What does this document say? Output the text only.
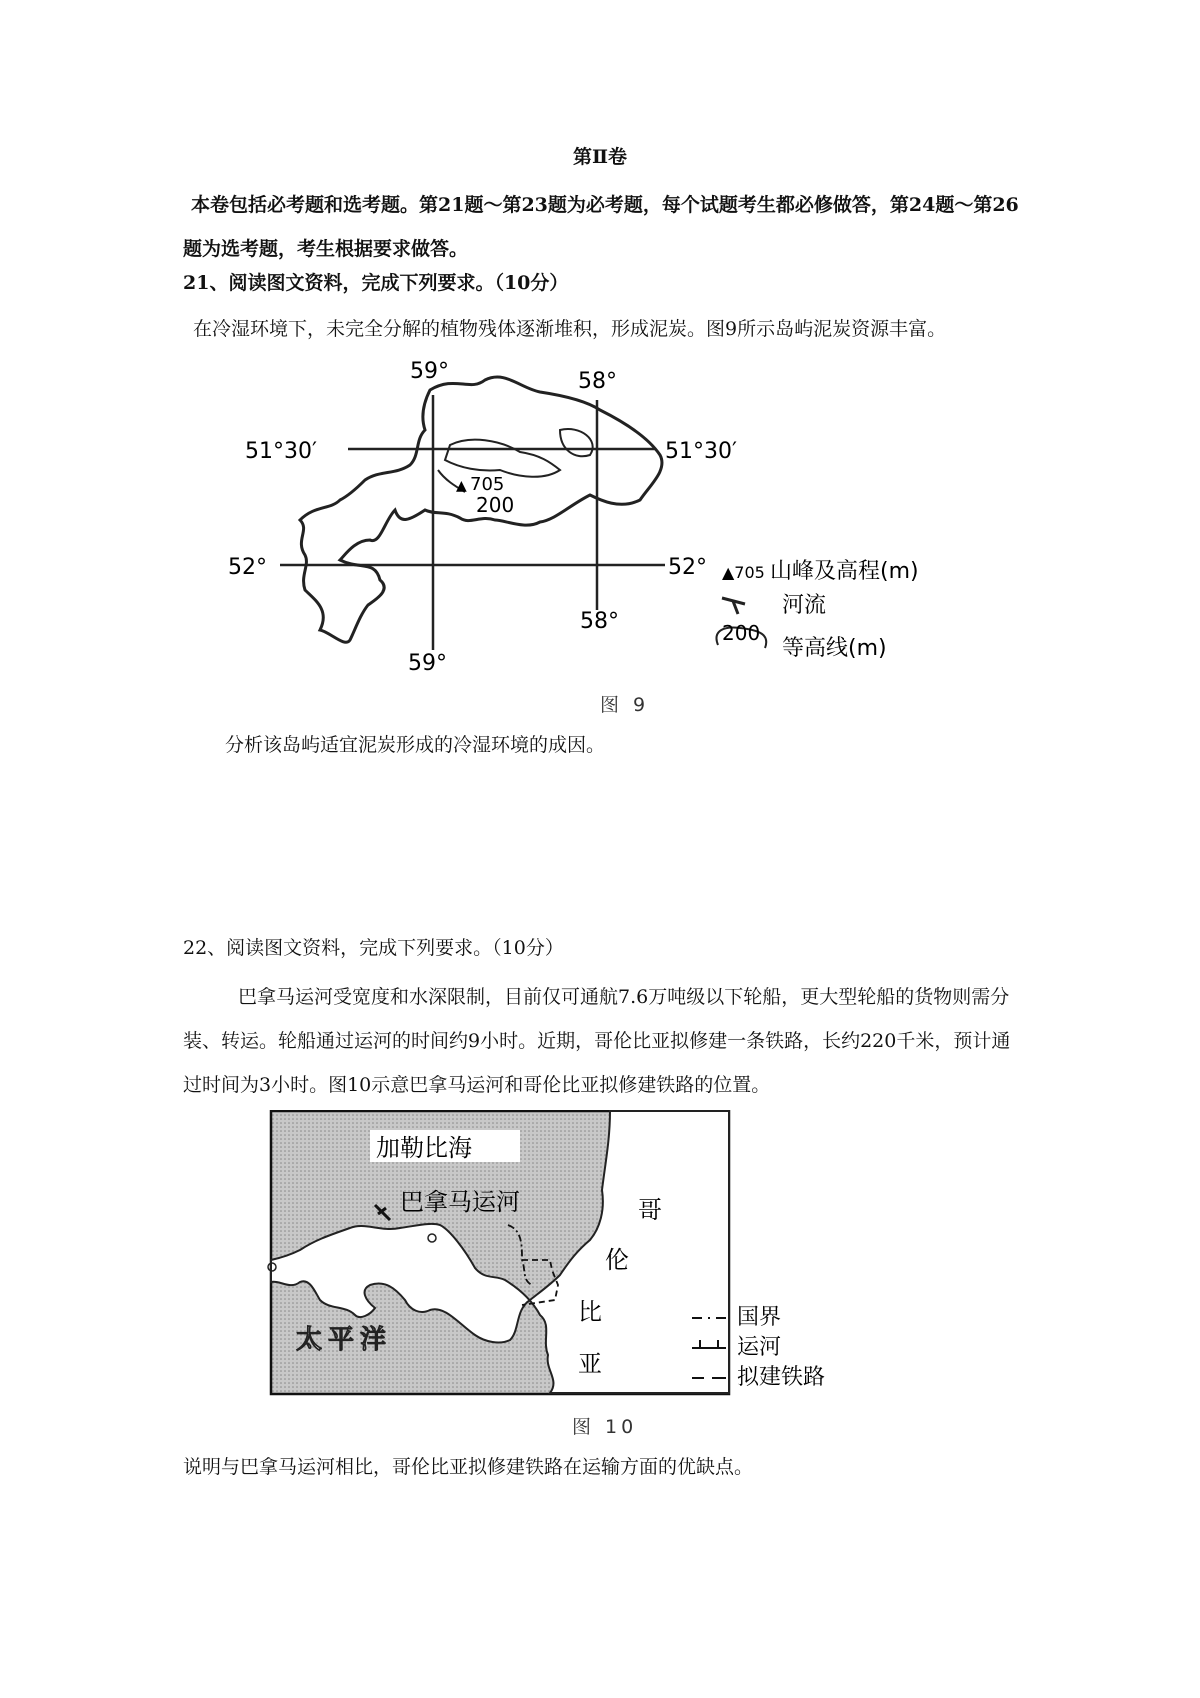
第Ⅱ卷
本卷包括必考题和选考题。第21题～第23题为必考题，每个试题考生都必修做答，第24题～第26题为选考题，考生根据要求做答。
21、阅读图文资料，完成下列要求。（10分）
在冷湿环境下，未完全分解的植物残体逐渐堆积，形成泥炭。图9所示岛屿泥炭资源丰富。
59°	58°
51°30′	51°30′
52°	52°
58°
59°
▲ 705
200
▲705 山峰及高程(m)
河流
200
等高线(m)
图 9
分析该岛屿适宜泥炭形成的冷湿环境的成因。
22、阅读图文资料，完成下列要求。（10分）
巴拿马运河受宽度和水深限制，目前仅可通航7.6万吨级以下轮船，更大型轮船的货物则需分装、转运。轮船通过运河的时间约9小时。近期，哥伦比亚拟修建一条铁路，长约220千米，预计通过时间为3小时。图10示意巴拿马运河和哥伦比亚拟修建铁路的位置。
加勒比海
巴拿马运河
太平洋
哥
伦
比
亚
国界
运河
拟建铁路
图 10
说明与巴拿马运河相比，哥伦比亚拟修建铁路在运输方面的优缺点。
